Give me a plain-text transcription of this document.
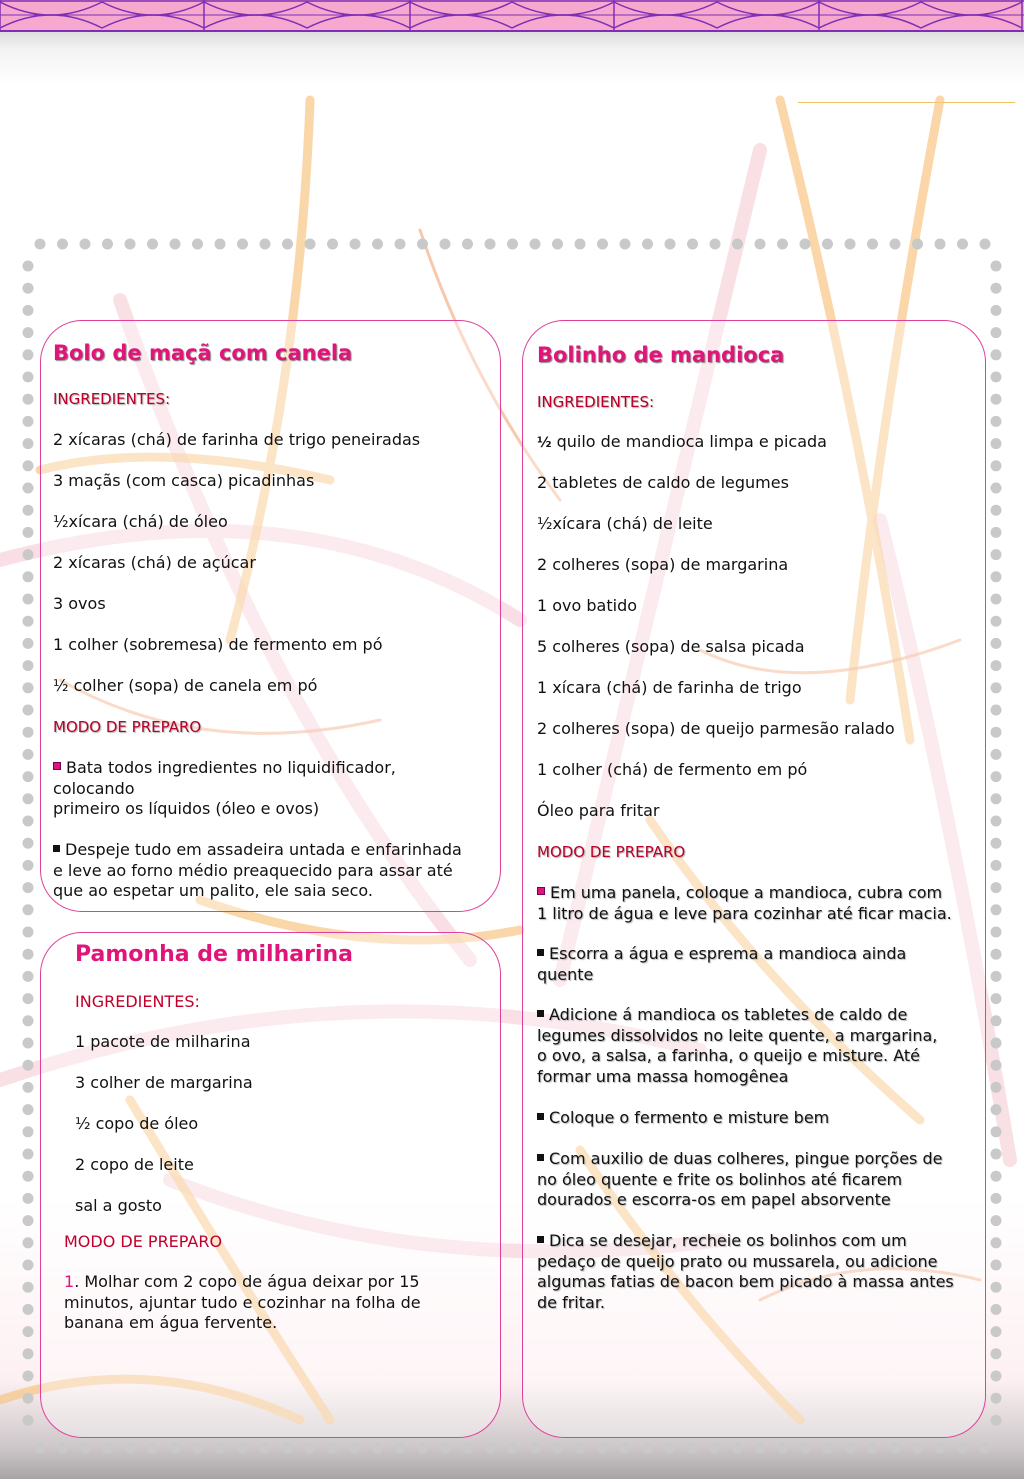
Bolo de maçã com canela

INGREDIENTES:

2 xícaras (chá) de farinha de trigo peneiradas

3 maçãs (com casca) picadinhas

½xícara (chá) de óleo

2 xícaras (chá) de açúcar

3 ovos

1 colher (sobremesa) de fermento em pó

½ colher (sopa) de canela em pó

MODO DE PREPARO

Bata todos ingredientes no liquidificador,
colocando
primeiro os líquidos (óleo e ovos)
Despeje tudo em assadeira untada e enfarinhada
e leve ao forno médio preaquecido para assar até
que ao espetar um palito, ele saia seco.
Bolinho de mandioca

INGREDIENTES:

½ quilo de mandioca limpa e picada

2 tabletes de caldo de legumes

½xícara (chá) de leite

2 colheres (sopa) de margarina

1 ovo batido

5 colheres (sopa) de salsa picada

1 xícara (chá) de farinha de trigo

2 colheres (sopa) de queijo parmesão ralado

1 colher (chá) de fermento em pó

Óleo para fritar

MODO DE PREPARO

Em uma panela, coloque a mandioca, cubra com
1 litro de água e leve para cozinhar até ficar macia.
Escorra a água e esprema a mandioca ainda
quente
Adicione á mandioca os tabletes de caldo de
legumes dissolvidos no leite quente, a margarina,
o ovo, a salsa, a farinha, o queijo e misture. Até
formar uma massa homogênea
Coloque o fermento e misture bem
Com auxilio de duas colheres, pingue porções de
no óleo quente e frite os bolinhos até ficarem
dourados e escorra-os em papel absorvente
Dica se desejar, recheie os bolinhos com um
pedaço de queijo prato ou mussarela, ou adicione
algumas fatias de bacon bem picado à massa antes
de fritar.
Pamonha de milharina

INGREDIENTES:

1 pacote de milharina

3 colher de margarina

½ copo de óleo

2 copo de leite

sal a gosto

MODO DE PREPARO

1. Molhar com 2 copo de água deixar por 15
minutos, ajuntar tudo e cozinhar na folha de
banana em água fervente.
